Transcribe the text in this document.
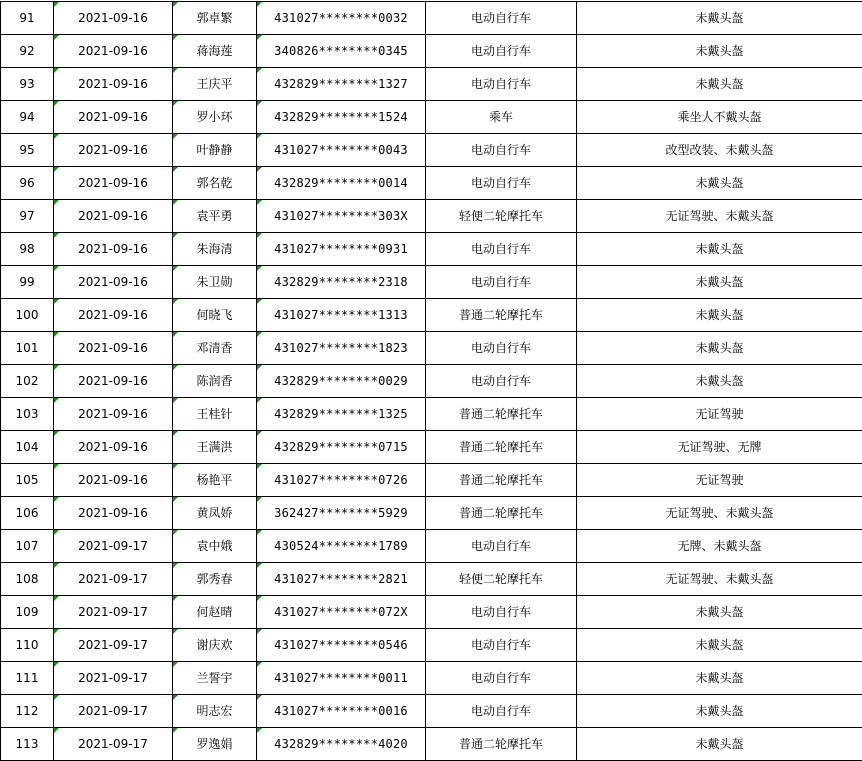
91	2021-09-16	郭卓繁	431027********0032	电动自行车	未戴头盔
92	2021-09-16	蒋海莲	340826********0345	电动自行车	未戴头盔
93	2021-09-16	王庆平	432829********1327	电动自行车	未戴头盔
94	2021-09-16	罗小环	432829********1524	乘车	乘坐人不戴头盔
95	2021-09-16	叶静静	431027********0043	电动自行车	改型改装、未戴头盔
96	2021-09-16	郭名乾	432829********0014	电动自行车	未戴头盔
97	2021-09-16	袁平勇	431027********303X	轻便二轮摩托车	无证驾驶、未戴头盔
98	2021-09-16	朱海清	431027********0931	电动自行车	未戴头盔
99	2021-09-16	朱卫勋	432829********2318	电动自行车	未戴头盔
100	2021-09-16	何晓飞	431027********1313	普通二轮摩托车	未戴头盔
101	2021-09-16	邓清香	431027********1823	电动自行车	未戴头盔
102	2021-09-16	陈润香	432829********0029	电动自行车	未戴头盔
103	2021-09-16	王桂针	432829********1325	普通二轮摩托车	无证驾驶
104	2021-09-16	王满洪	432829********0715	普通二轮摩托车	无证驾驶、无牌
105	2021-09-16	杨艳平	431027********0726	普通二轮摩托车	无证驾驶
106	2021-09-16	黄凤娇	362427********5929	普通二轮摩托车	无证驾驶、未戴头盔
107	2021-09-17	袁中娥	430524********1789	电动自行车	无牌、未戴头盔
108	2021-09-17	郭秀春	431027********2821	轻便二轮摩托车	无证驾驶、未戴头盔
109	2021-09-17	何赵晴	431027********072X	电动自行车	未戴头盔
110	2021-09-17	谢庆欢	431027********0546	电动自行车	未戴头盔
111	2021-09-17	兰誓宇	431027********0011	电动自行车	未戴头盔
112	2021-09-17	明志宏	431027********0016	电动自行车	未戴头盔
113	2021-09-17	罗逸娟	432829********4020	普通二轮摩托车	未戴头盔
